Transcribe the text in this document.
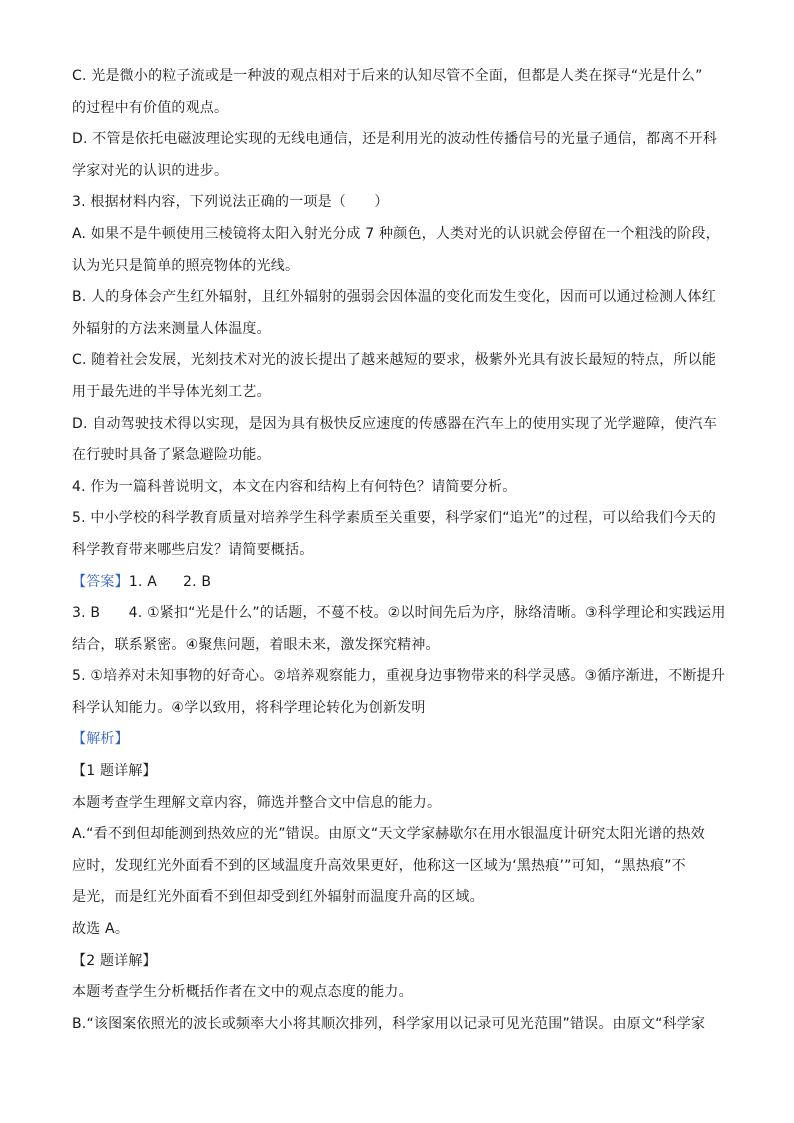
C. 光是微小的粒子流或是一种波的观点相对于后来的认知尽管不全面，但都是人类在探寻“光是什么”
的过程中有价值的观点。
D. 不管是依托电磁波理论实现的无线电通信，还是利用光的波动性传播信号的光量子通信，都离不开科
学家对光的认识的进步。
3. 根据材料内容，下列说法正确的一项是（　　）
A. 如果不是牛顿使用三棱镜将太阳入射光分成 7 种颜色，人类对光的认识就会停留在一个粗浅的阶段，
认为光只是简单的照亮物体的光线。
B. 人的身体会产生红外辐射，且红外辐射的强弱会因体温的变化而发生变化，因而可以通过检测人体红
外辐射的方法来测量人体温度。
C. 随着社会发展，光刻技术对光的波长提出了越来越短的要求，极紫外光具有波长最短的特点，所以能
用于最先进的半导体光刻工艺。
D. 自动驾驶技术得以实现，是因为具有极快反应速度的传感器在汽车上的使用实现了光学避障，使汽车
在行驶时具备了紧急避险功能。
4. 作为一篇科普说明文，本文在内容和结构上有何特色？请简要分析。
5. 中小学校的科学教育质量对培养学生科学素质至关重要，科学家们“追光”的过程，可以给我们今天的
科学教育带来哪些启发？请简要概括。
【答案】1. A 2. B
3. B　　4. ①紧扣“光是什么”的话题，不蔓不枝。②以时间先后为序，脉络清晰。③科学理论和实践运用
结合，联系紧密。④聚焦问题，着眼未来，激发探究精神。
5. ①培养对未知事物的好奇心。②培养观察能力，重视身边事物带来的科学灵感。③循序渐进，不断提升
科学认知能力。④学以致用，将科学理论转化为创新发明
【解析】
【1 题详解】
本题考查学生理解文章内容，筛选并整合文中信息的能力。
A.“看不到但却能测到热效应的光”错误。由原文“天文学家赫歇尔在用水银温度计研究太阳光谱的热效
应时，发现红光外面看不到的区域温度升高效果更好，他称这一区域为‘黑热痕’”可知，“黑热痕”不
是光，而是红光外面看不到但却受到红外辐射而温度升高的区域。
故选 A。
【2 题详解】
本题考查学生分析概括作者在文中的观点态度的能力。
B.“该图案依照光的波长或频率大小将其顺次排列，科学家用以记录可见光范围”错误。由原文“科学家
